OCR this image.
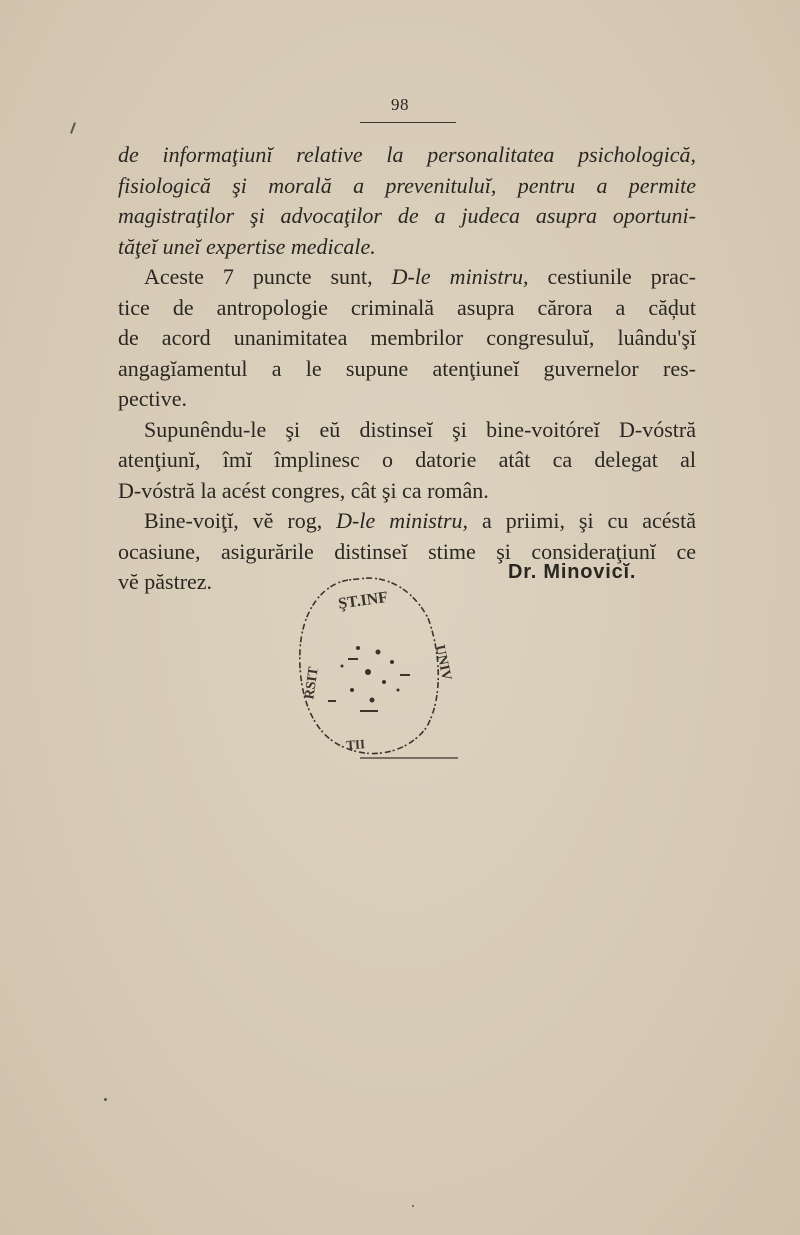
98
de informaţiunĭ relative la personalitatea psichologică,
fisiologică şi morală a prevenituluĭ, pentru a permite
magistraţilor şi advocaţilor de a judeca asupra oportuni-
tăţeĭ uneĭ expertise medicale.
Aceste 7 puncte sunt, D-le ministru, cestiunile prac-
tice de antropologie criminală asupra cărora a căḑut
de acord unanimitatea membrilor congresuluĭ, luându'şĭ
angagĭamentul a le supune atenţiuneĭ guvernelor res-
pective.
Supunêndu-le şi eŭ distinseĭ şi bine-voitóreĭ D-vóstră
atenţiunĭ, îmĭ împlinesc o datorie atât ca delegat al
D-vóstră la acést congres, cât şi ca român.
Bine-voiţĭ, vĕ rog, D-le ministru, a priimi, şi cu acéstă
ocasiune, asigurările distinseĭ stime şi consideraţiunĭ ce
vĕ păstrez.	Dr. Minovicĭ.
ŞT.INF
UNIV
RSIT
TII
